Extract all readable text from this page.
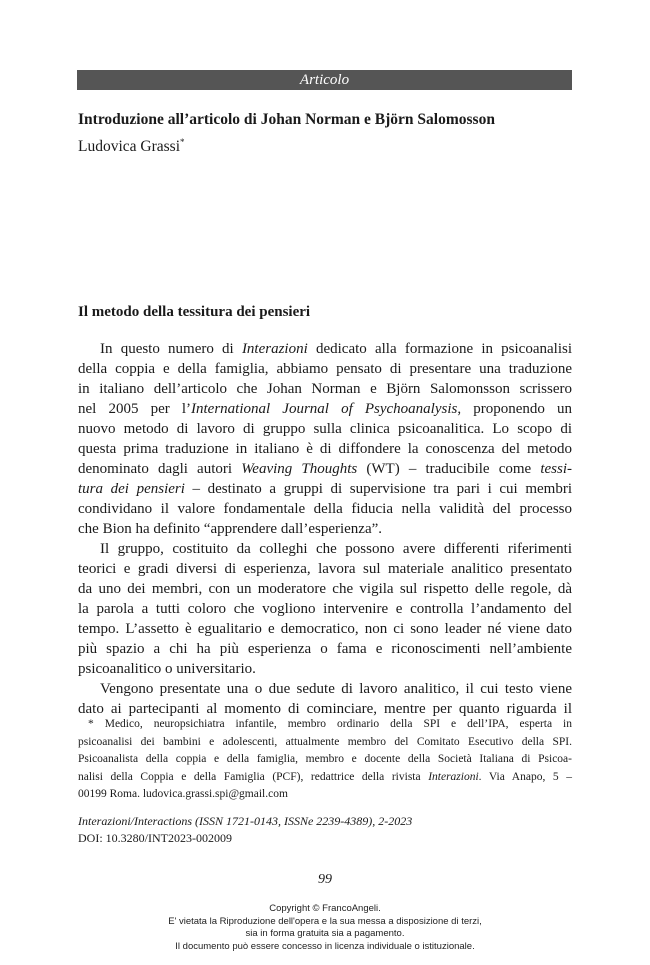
Articolo
Introduzione all’articolo di Johan Norman e Björn Salomosson
Ludovica Grassi*
Il metodo della tessitura dei pensieri
In questo numero di Interazioni dedicato alla formazione in psicoanalisi
della coppia e della famiglia, abbiamo pensato di presentare una traduzione
in italiano dell’articolo che Johan Norman e Björn Salomonsson scrissero
nel 2005 per l’International Journal of Psychoanalysis, proponendo un
nuovo metodo di lavoro di gruppo sulla clinica psicoanalitica. Lo scopo di
questa prima traduzione in italiano è di diffondere la conoscenza del metodo
denominato dagli autori Weaving Thoughts (WT) – traducibile come tessi-
tura dei pensieri – destinato a gruppi di supervisione tra pari i cui membri
condividano il valore fondamentale della fiducia nella validità del processo
che Bion ha definito “apprendere dall’esperienza”.
Il gruppo, costituito da colleghi che possono avere differenti riferimenti
teorici e gradi diversi di esperienza, lavora sul materiale analitico presentato
da uno dei membri, con un moderatore che vigila sul rispetto delle regole, dà
la parola a tutti coloro che vogliono intervenire e controlla l’andamento del
tempo. L’assetto è egualitario e democratico, non ci sono leader né viene dato
più spazio a chi ha più esperienza o fama e riconoscimenti nell’ambiente
psicoanalitico o universitario.
Vengono presentate una o due sedute di lavoro analitico, il cui testo viene
dato ai partecipanti al momento di cominciare, mentre per quanto riguarda il
* Medico, neuropsichiatra infantile, membro ordinario della SPI e dell’IPA, esperta in
psicoanalisi dei bambini e adolescenti, attualmente membro del Comitato Esecutivo della SPI.
Psicoanalista della coppia e della famiglia, membro e docente della Società Italiana di Psicoa-
nalisi della Coppia e della Famiglia (PCF), redattrice della rivista Interazioni. Via Anapo, 5 –
00199 Roma. ludovica.grassi.spi@gmail.com
Interazioni/Interactions (ISSN 1721-0143, ISSNe 2239-4389), 2-2023
DOI: 10.3280/INT2023-002009
99
Copyright © FrancoAngeli.
E' vietata la Riproduzione dell'opera e la sua messa a disposizione di terzi,
sia in forma gratuita sia a pagamento.
Il documento può essere concesso in licenza individuale o istituzionale.
